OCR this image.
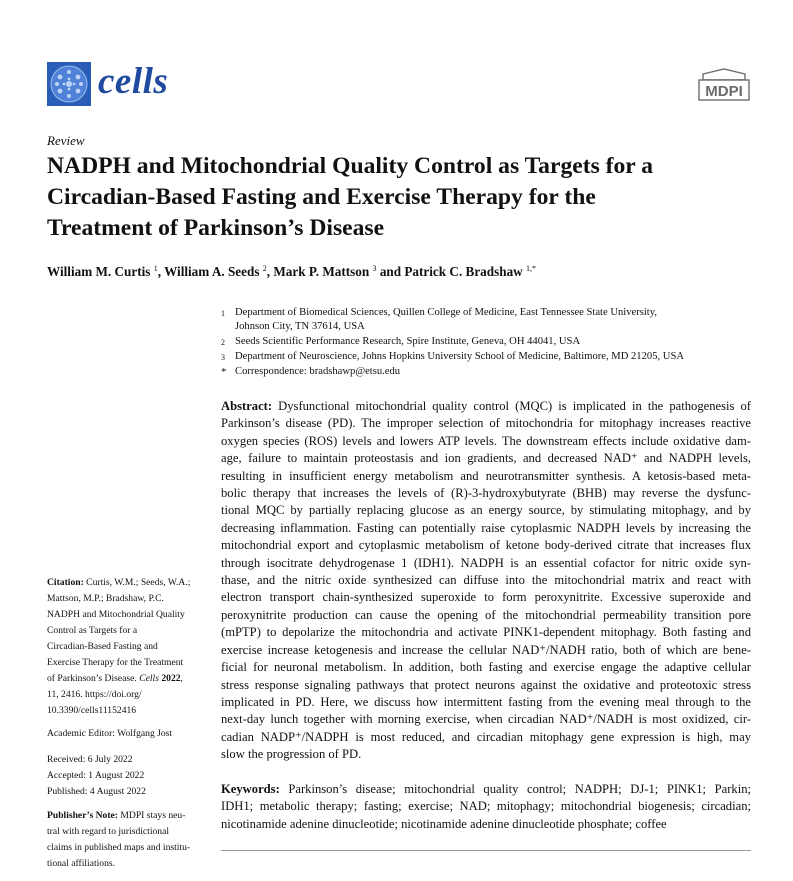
cells	MDPI
Review
NADPH and Mitochondrial Quality Control as Targets for a
Circadian-Based Fasting and Exercise Therapy for the
Treatment of Parkinson’s Disease
William M. Curtis $^1$, William A. Seeds $^2$, Mark P. Mattson $^3$ and Patrick C. Bradshaw $^{1,*}$
1 Department of Biomedical Sciences, Quillen College of Medicine, East Tennessee State University,
Johnson City, TN 37614, USA
2 Seeds Scientific Performance Research, Spire Institute, Geneva, OH 44041, USA
3 Department of Neuroscience, Johns Hopkins University School of Medicine, Baltimore, MD 21205, USA
* Correspondence: bradshawp@etsu.edu
Abstract: Dysfunctional mitochondrial quality control (MQC) is implicated in the pathogenesis of
Parkinson’s disease (PD). The improper selection of mitochondria for mitophagy increases reactive
oxygen species (ROS) levels and lowers ATP levels. The downstream effects include oxidative dam-
age, failure to maintain proteostasis and ion gradients, and decreased NAD⁺ and NADPH levels,
resulting in insufficient energy metabolism and neurotransmitter synthesis. A ketosis-based meta-
bolic therapy that increases the levels of (R)-3-hydroxybutyrate (BHB) may reverse the dysfunc-
tional MQC by partially replacing glucose as an energy source, by stimulating mitophagy, and by
decreasing inflammation. Fasting can potentially raise cytoplasmic NADPH levels by increasing the
mitochondrial export and cytoplasmic metabolism of ketone body-derived citrate that increases flux
through isocitrate dehydrogenase 1 (IDH1). NADPH is an essential cofactor for nitric oxide syn-
thase, and the nitric oxide synthesized can diffuse into the mitochondrial matrix and react with
electron transport chain-synthesized superoxide to form peroxynitrite. Excessive superoxide and
peroxynitrite production can cause the opening of the mitochondrial permeability transition pore
(mPTP) to depolarize the mitochondria and activate PINK1-dependent mitophagy. Both fasting and
exercise increase ketogenesis and increase the cellular NAD⁺/NADH ratio, both of which are bene-
ficial for neuronal metabolism. In addition, both fasting and exercise engage the adaptive cellular
stress response signaling pathways that protect neurons against the oxidative and proteotoxic stress
implicated in PD. Here, we discuss how intermittent fasting from the evening meal through to the
next-day lunch together with morning exercise, when circadian NAD⁺/NADH is most oxidized, cir-
cadian NADP⁺/NADPH is most reduced, and circadian mitophagy gene expression is high, may
slow the progression of PD.
Keywords: Parkinson’s disease; mitochondrial quality control; NADPH; DJ-1; PINK1; Parkin;
IDH1; metabolic therapy; fasting; exercise; NAD; mitophagy; mitochondrial biogenesis; circadian;
nicotinamide adenine dinucleotide; nicotinamide adenine dinucleotide phosphate; coffee
Citation: Curtis, W.M.; Seeds, W.A.;
Mattson, M.P.; Bradshaw, P.C.
NADPH and Mitochondrial Quality
Control as Targets for a
Circadian-Based Fasting and
Exercise Therapy for the Treatment
of Parkinson’s Disease. Cells 2022,
11, 2416. https://doi.org/
10.3390/cells11152416
Academic Editor: Wolfgang Jost
Received: 6 July 2022
Accepted: 1 August 2022
Published: 4 August 2022
Publisher’s Note: MDPI stays neu-
tral with regard to jurisdictional
claims in published maps and institu-
tional affiliations.
